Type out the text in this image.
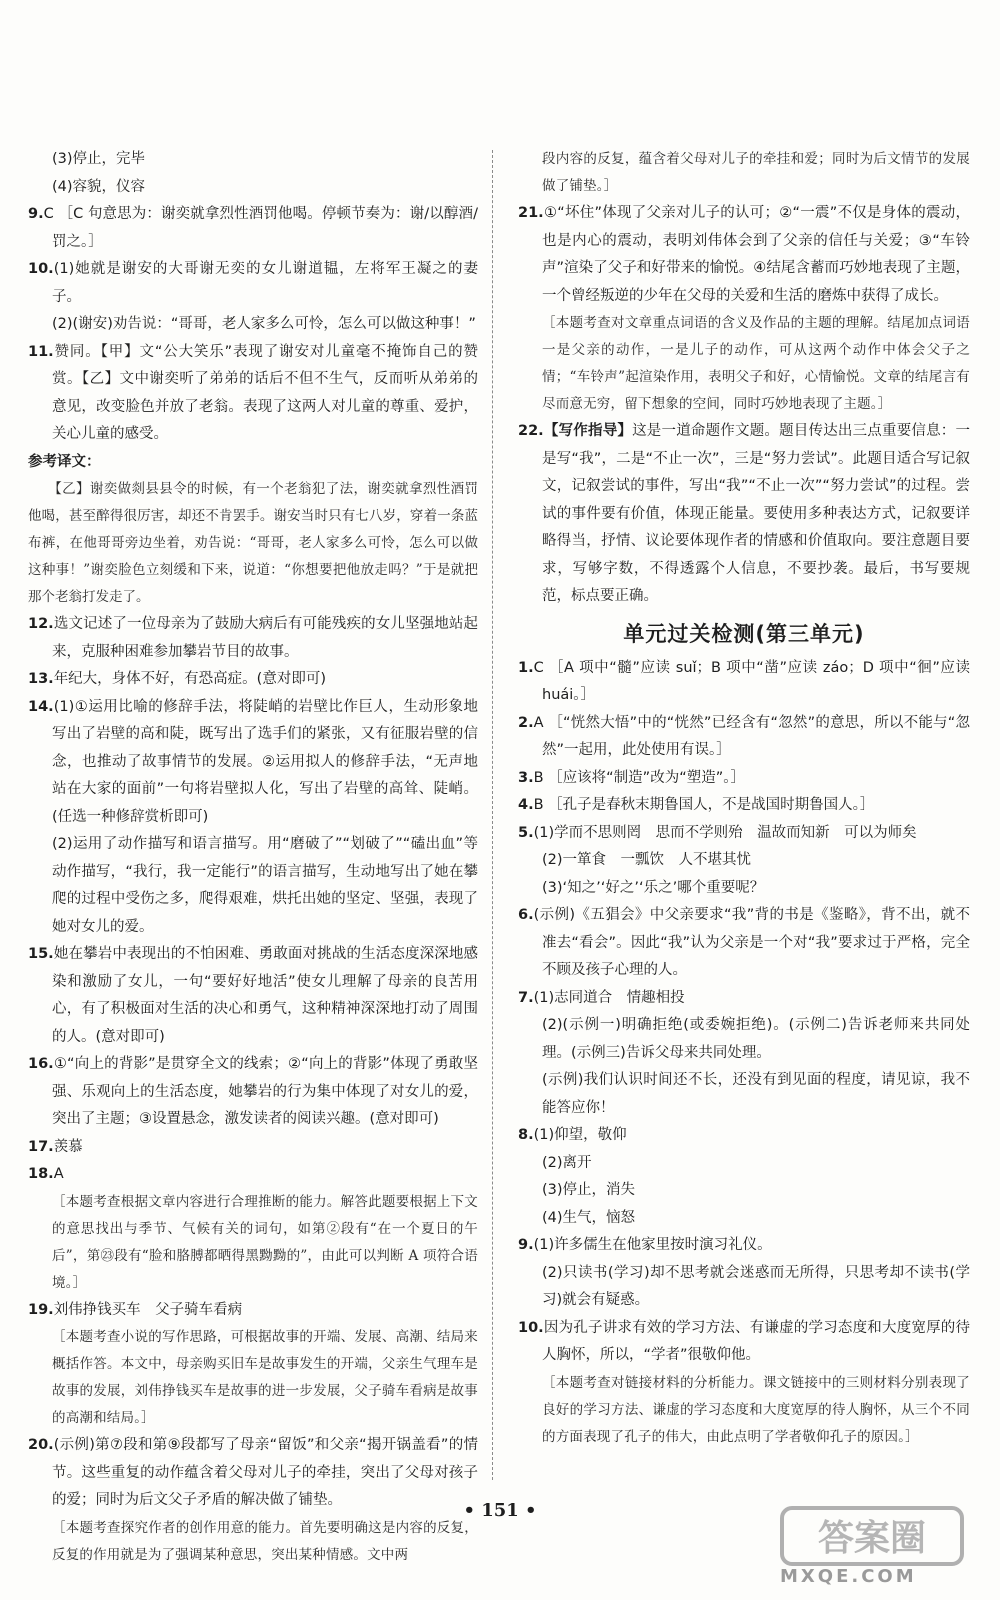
(3)停止，完毕

(4)容貌，仪容

9.C ［C 句意思为：谢奕就拿烈性酒罚他喝。停顿节奏为：谢/以醇酒/罚之。］

10.(1)她就是谢安的大哥谢无奕的女儿谢道韫，左将军王凝之的妻子。

(2)(谢安)劝告说：“哥哥，老人家多么可怜，怎么可以做这种事！”

11.赞同。【甲】文“公大笑乐”表现了谢安对儿童毫不掩饰自己的赞赏。【乙】文中谢奕听了弟弟的话后不但不生气，反而听从弟弟的意见，改变脸色并放了老翁。表现了这两人对儿童的尊重、爱护，关心儿童的感受。

参考译文：

【乙】谢奕做剡县县令的时候，有一个老翁犯了法，谢奕就拿烈性酒罚他喝，甚至醉得很厉害，却还不肯罢手。谢安当时只有七八岁，穿着一条蓝布裤，在他哥哥旁边坐着，劝告说：“哥哥，老人家多么可怜，怎么可以做这种事！”谢奕脸色立刻缓和下来，说道：“你想要把他放走吗？”于是就把那个老翁打发走了。

12.选文记述了一位母亲为了鼓励大病后有可能残疾的女儿坚强地站起来，克服种困难参加攀岩节目的故事。

13.年纪大，身体不好，有恐高症。(意对即可)

14.(1)①运用比喻的修辞手法，将陡峭的岩壁比作巨人，生动形象地写出了岩壁的高和陡，既写出了选手们的紧张，又有征服岩壁的信念，也推动了故事情节的发展。②运用拟人的修辞手法，“无声地站在大家的面前”一句将岩壁拟人化，写出了岩壁的高耸、陡峭。(任选一种修辞赏析即可)

(2)运用了动作描写和语言描写。用“磨破了”“划破了”“磕出血”等动作描写，“我行，我一定能行”的语言描写，生动地写出了她在攀爬的过程中受伤之多，爬得艰难，烘托出她的坚定、坚强，表现了她对女儿的爱。

15.她在攀岩中表现出的不怕困难、勇敢面对挑战的生活态度深深地感染和激励了女儿，一句“要好好地活”使女儿理解了母亲的良苦用心，有了积极面对生活的决心和勇气，这种精神深深地打动了周围的人。(意对即可)

16.①“向上的背影”是贯穿全文的线索；②“向上的背影”体现了勇敢坚强、乐观向上的生活态度，她攀岩的行为集中体现了对女儿的爱，突出了主题；③设置悬念，激发读者的阅读兴趣。(意对即可)

17.羡慕

18.A

［本题考查根据文章内容进行合理推断的能力。解答此题要根据上下文的意思找出与季节、气候有关的词句，如第②段有“在一个夏日的午后”，第㉓段有“脸和胳膊都晒得黑黝黝的”，由此可以判断 A 项符合语境。］

19.刘伟挣钱买车　父子骑车看病

［本题考查小说的写作思路，可根据故事的开端、发展、高潮、结局来概括作答。本文中，母亲购买旧车是故事发生的开端，父亲生气理车是故事的发展，刘伟挣钱买车是故事的进一步发展，父子骑车看病是故事的高潮和结局。］

20.(示例)第⑦段和第⑨段都写了母亲“留饭”和父亲“揭开锅盖看”的情节。这些重复的动作蕴含着父母对儿子的牵挂，突出了父母对孩子的爱；同时为后文父子矛盾的解决做了铺垫。

［本题考查探究作者的创作用意的能力。首先要明确这是内容的反复，反复的作用就是为了强调某种意思，突出某种情感。文中两

段内容的反复，蕴含着父母对儿子的牵挂和爱；同时为后文情节的发展做了铺垫。］

21.①“坏住”体现了父亲对儿子的认可；②“一震”不仅是身体的震动，也是内心的震动，表明刘伟体会到了父亲的信任与关爱；③“车铃声”渲染了父子和好带来的愉悦。④结尾含蓄而巧妙地表现了主题，一个曾经叛逆的少年在父母的关爱和生活的磨炼中获得了成长。

［本题考查对文章重点词语的含义及作品的主题的理解。结尾加点词语一是父亲的动作，一是儿子的动作，可从这两个动作中体会父子之情；“车铃声”起渲染作用，表明父子和好，心情愉悦。文章的结尾言有尽而意无穷，留下想象的空间，同时巧妙地表现了主题。］

22.【写作指导】这是一道命题作文题。题目传达出三点重要信息：一是写“我”，二是“不止一次”，三是“努力尝试”。此题目适合写记叙文，记叙尝试的事件，写出“我”“不止一次”“努力尝试”的过程。尝试的事件要有价值，体现正能量。要使用多种表达方式，记叙要详略得当，抒情、议论要体现作者的情感和价值取向。要注意题目要求，写够字数，不得透露个人信息，不要抄袭。最后，书写要规范，标点要正确。

单元过关检测(第三单元)

1.C ［A 项中“髓”应读 suǐ；B 项中“凿”应读 záo；D 项中“徊”应读 huái。］

2.A ［“恍然大悟”中的“恍然”已经含有“忽然”的意思，所以不能与“忽然”一起用，此处使用有误。］

3.B ［应该将“制造”改为“塑造”。］

4.B ［孔子是春秋末期鲁国人，不是战国时期鲁国人。］

5.(1)学而不思则罔　思而不学则殆　温故而知新　可以为师矣

(2)一箪食　一瓢饮　人不堪其忧

(3)‘知之’‘好之’‘乐之’哪个重要呢？

6.(示例)《五猖会》中父亲要求“我”背的书是《鉴略》，背不出，就不准去“看会”。因此“我”认为父亲是一个对“我”要求过于严格，完全不顾及孩子心理的人。

7.(1)志同道合　情趣相投

(2)(示例一)明确拒绝(或委婉拒绝)。(示例二)告诉老师来共同处理。(示例三)告诉父母来共同处理。

(示例)我们认识时间还不长，还没有到见面的程度，请见谅，我不能答应你！

8.(1)仰望，敬仰

(2)离开

(3)停止，消失

(4)生气，恼怒

9.(1)许多儒生在他家里按时演习礼仪。

(2)只读书(学习)却不思考就会迷惑而无所得，只思考却不读书(学习)就会有疑惑。

10.因为孔子讲求有效的学习方法、有谦虚的学习态度和大度宽厚的待人胸怀，所以，“学者”很敬仰他。

［本题考查对链接材料的分析能力。课文链接中的三则材料分别表现了良好的学习方法、谦虚的学习态度和大度宽厚的待人胸怀，从三个不同的方面表现了孔子的伟大，由此点明了学者敬仰孔子的原因。］

• 151 •
答案圈
MXQE.COM
